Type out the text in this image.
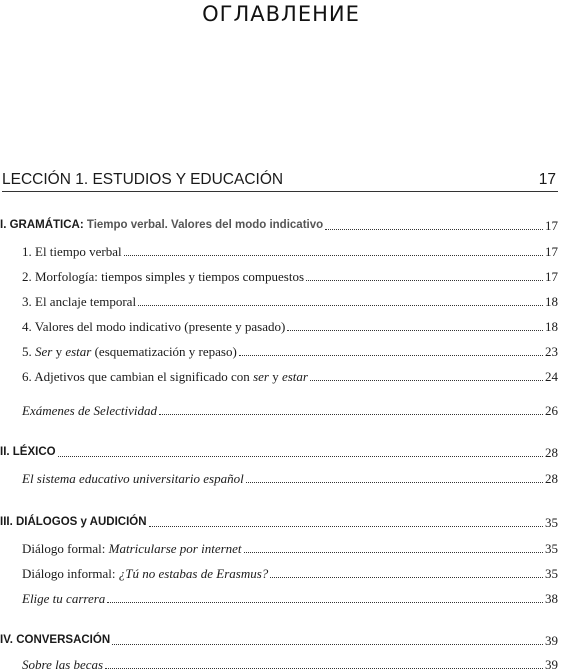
ОГЛАВЛЕНИЕ
LECCIÓN 1. ESTUDIOS Y EDUCACIÓN	17
I. GRAMÁTICA: Tiempo verbal. Valores del modo indicativo	17
1. El tiempo verbal	17
2. Morfología: tiempos simples y tiempos compuestos	17
3. El anclaje temporal	18
4. Valores del modo indicativo (presente y pasado)	18
5. Ser y estar (esquematización y repaso)	23
6. Adjetivos que cambian el significado con ser y estar	24
Exámenes de Selectividad	26
II. LÉXICO	28
El sistema educativo universitario español	28
III. DIÁLOGOS y AUDICIÓN	35
Diálogo formal: Matricularse por internet	35
Diálogo informal: ¿Tú no estabas de Erasmus?	35
Elige tu carrera	38
IV. CONVERSACIÓN	39
Sobre las becas	39
